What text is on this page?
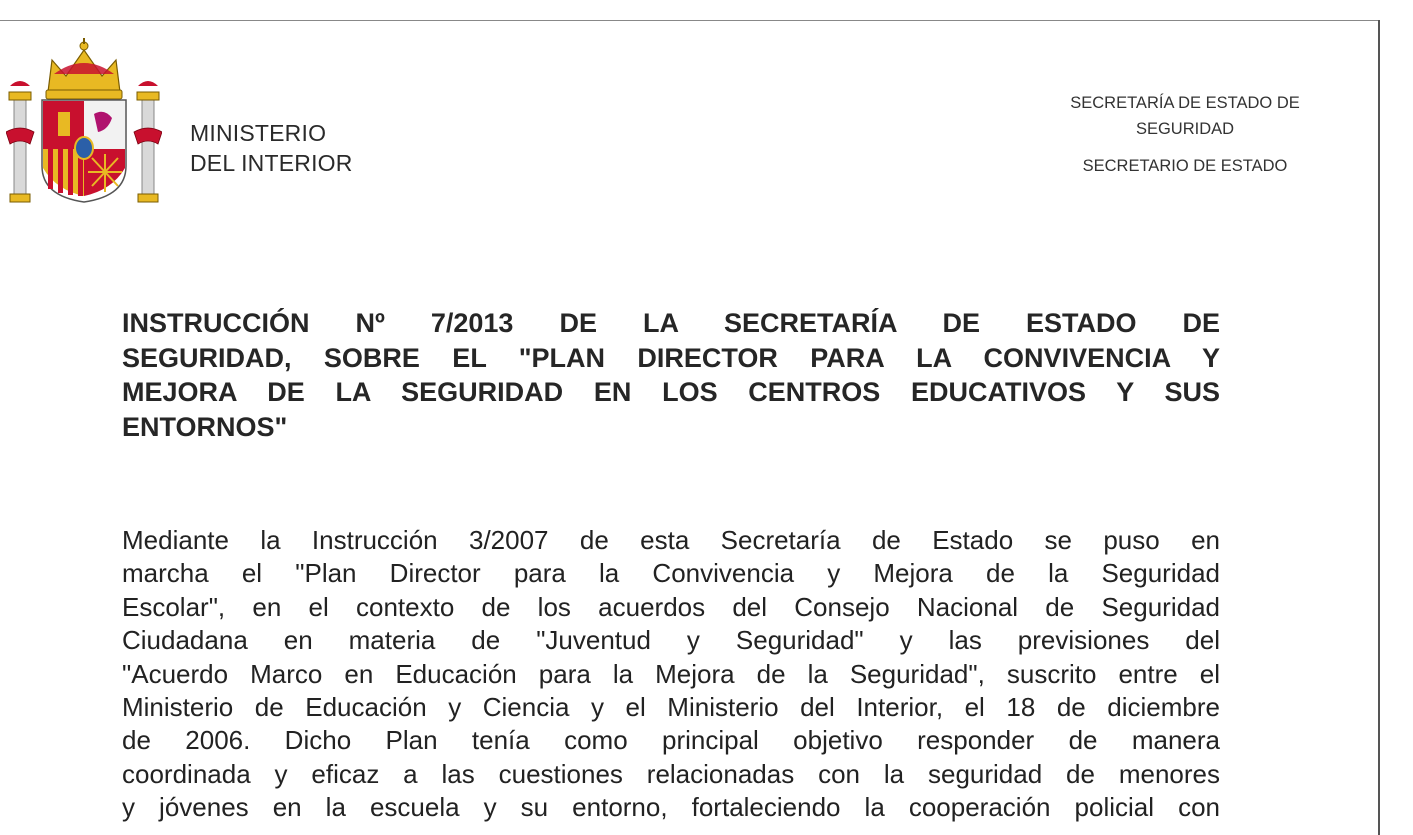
MINISTERIO
DEL INTERIOR
SECRETARÍA DE ESTADO DE
SEGURIDAD
SECRETARIO DE ESTADO
INSTRUCCIÓN Nº 7/2013 DE LA SECRETARÍA DE ESTADO DE
SEGURIDAD, SOBRE EL "PLAN DIRECTOR PARA LA CONVIVENCIA Y
MEJORA DE LA SEGURIDAD EN LOS CENTROS EDUCATIVOS Y SUS
ENTORNOS"
Mediante la Instrucción 3/2007 de esta Secretaría de Estado se puso en
marcha el "Plan Director para la Convivencia y Mejora de la Seguridad
Escolar", en el contexto de los acuerdos del Consejo Nacional de Seguridad
Ciudadana en materia de "Juventud y Seguridad" y las previsiones del
"Acuerdo Marco en Educación para la Mejora de la Seguridad", suscrito entre el
Ministerio de Educación y Ciencia y el Ministerio del Interior, el 18 de diciembre
de 2006. Dicho Plan tenía como principal objetivo responder de manera
coordinada y eficaz a las cuestiones relacionadas con la seguridad de menores
y jóvenes en la escuela y su entorno, fortaleciendo la cooperación policial con
